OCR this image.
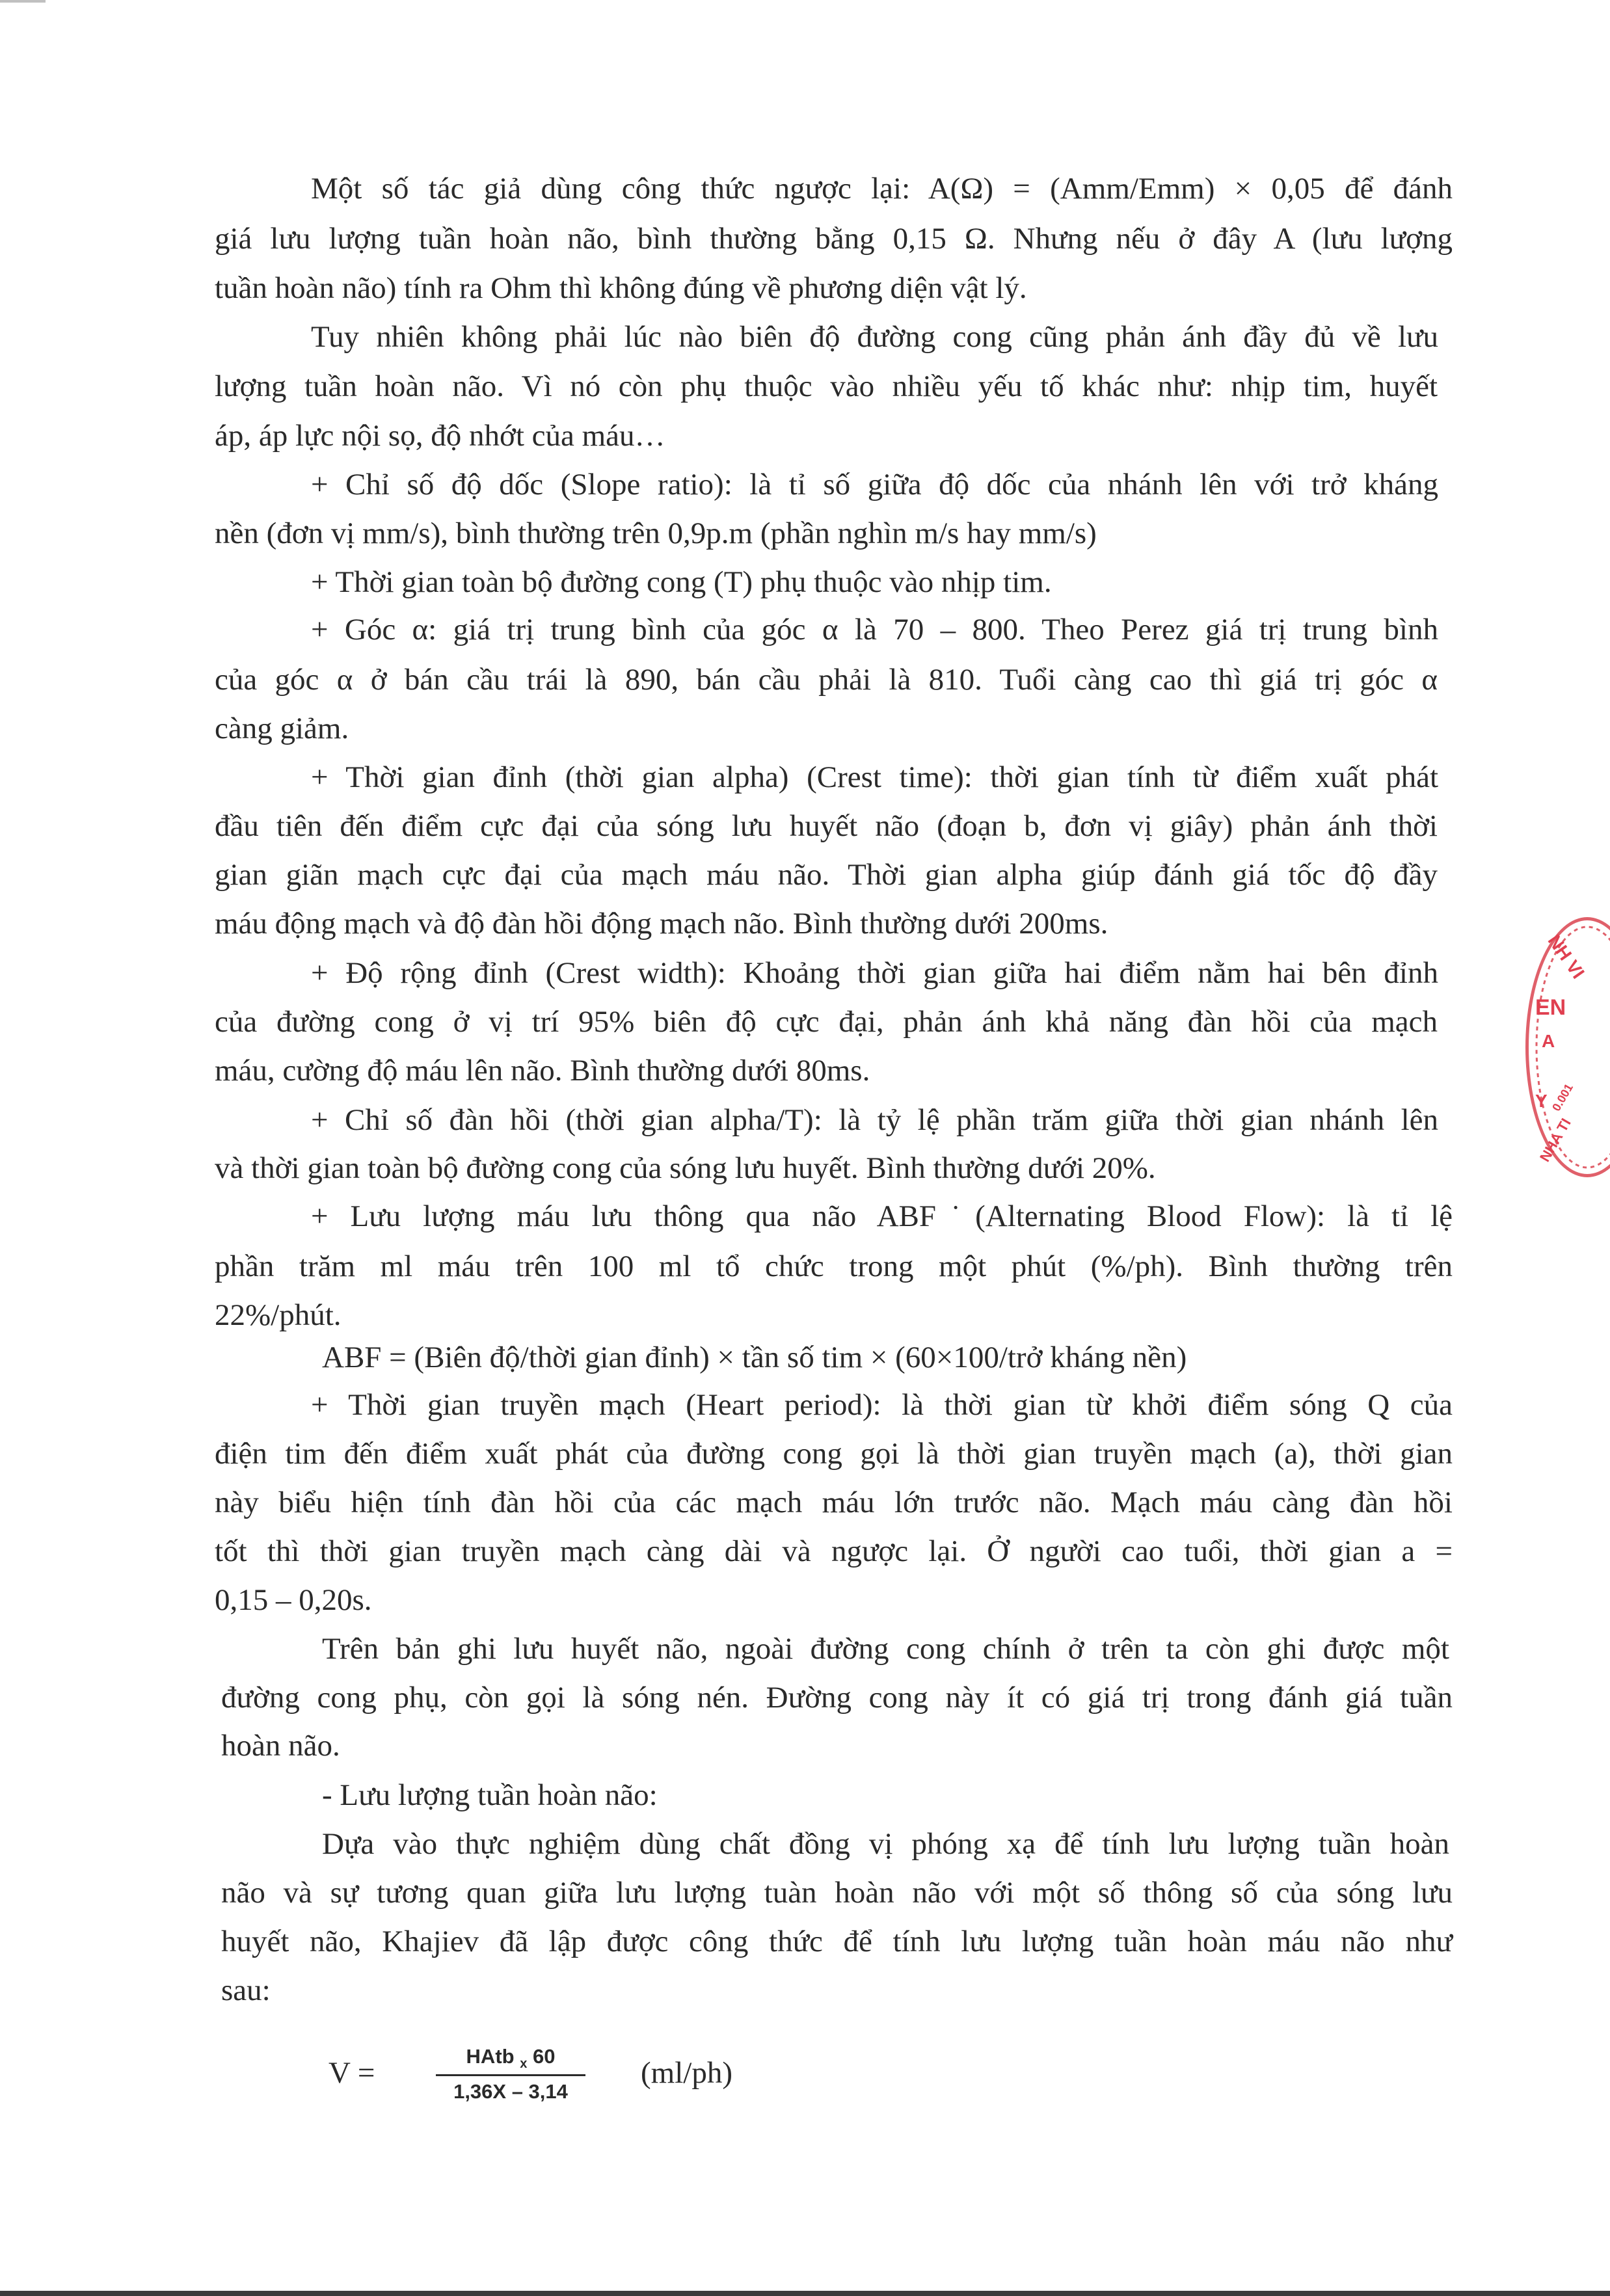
Một số tác giả dùng công thức ngược lại: A(Ω) = (Amm/Emm) × 0,05 để đánh

giá lưu lượng tuần hoàn não, bình thường bằng 0,15 Ω. Nhưng nếu ở đây A (lưu lượng

tuần hoàn não) tính ra Ohm thì không đúng về phương diện vật lý.

Tuy nhiên không phải lúc nào biên độ đường cong cũng phản ánh đầy đủ về lưu

lượng tuần hoàn não. Vì nó còn phụ thuộc vào nhiều yếu tố khác như: nhịp tim, huyết

áp, áp lực nội sọ, độ nhớt của máu…

+ Chỉ số độ dốc (Slope ratio): là tỉ số giữa độ dốc của nhánh lên với trở kháng

nền (đơn vị mm/s), bình thường trên 0,9p.m (phần nghìn m/s hay mm/s)

+ Thời gian toàn bộ đường cong (T) phụ thuộc vào nhịp tim.

+ Góc α: giá trị trung bình của góc α là 70 – 800. Theo Perez giá trị trung bình

của góc α ở bán cầu trái là 890, bán cầu phải là 810. Tuổi càng cao thì giá trị góc α

càng giảm.

+ Thời gian đỉnh (thời gian alpha) (Crest time): thời gian tính từ điểm xuất phát

đầu tiên đến điểm cực đại của sóng lưu huyết não (đoạn b, đơn vị giây) phản ánh thời

gian giãn mạch cực đại của mạch máu não. Thời gian alpha giúp đánh giá tốc độ đầy

máu động mạch và độ đàn hồi động mạch não. Bình thường dưới 200ms.

+ Độ rộng đỉnh (Crest width): Khoảng thời gian giữa hai điểm nằm hai bên đỉnh

của đường cong ở vị trí 95% biên độ cực đại, phản ánh khả năng đàn hồi của mạch

máu, cường độ máu lên não. Bình thường dưới 80ms.

+ Chỉ số đàn hồi (thời gian alpha/T): là tỷ lệ phần trăm giữa thời gian nhánh lên

và thời gian toàn bộ đường cong của sóng lưu huyết. Bình thường dưới 20%.

+ Lưu lượng máu lưu thông qua não ABF˙(Alternating Blood Flow): là tỉ lệ

phần trăm ml máu trên 100 ml tổ chức trong một phút (%/ph). Bình thường trên

22%/phút.

ABF = (Biên độ/thời gian đỉnh) × tần số tim × (60×100/trở kháng nền)

+ Thời gian truyền mạch (Heart period): là thời gian từ khởi điểm sóng Q của

điện tim đến điểm xuất phát của đường cong gọi là thời gian truyền mạch (a), thời gian

này biểu hiện tính đàn hồi của các mạch máu lớn trước não. Mạch máu càng đàn hồi

tốt thì thời gian truyền mạch càng dài và ngược lại. Ở người cao tuổi, thời gian a =

0,15 – 0,20s.

Trên bản ghi lưu huyết não, ngoài đường cong chính ở trên ta còn ghi được một

đường cong phụ, còn gọi là sóng nén. Đường cong này ít có giá trị trong đánh giá tuần

hoàn não.

- Lưu lượng tuần hoàn não:

Dựa vào thực nghiệm dùng chất đồng vị phóng xạ để tính lưu lượng tuần hoàn

não và sự tương quan giữa lưu lượng tuàn hoàn não với một số thông số của sóng lưu

huyết não, Khajiev đã lập được công thức để tính lưu lượng tuần hoàn máu não như

sau:

V =	HAtb $_x$ 60
1,36X – 3,14
(ml/ph)
NH VI
EN
A
Y 0.001
NHA TI
